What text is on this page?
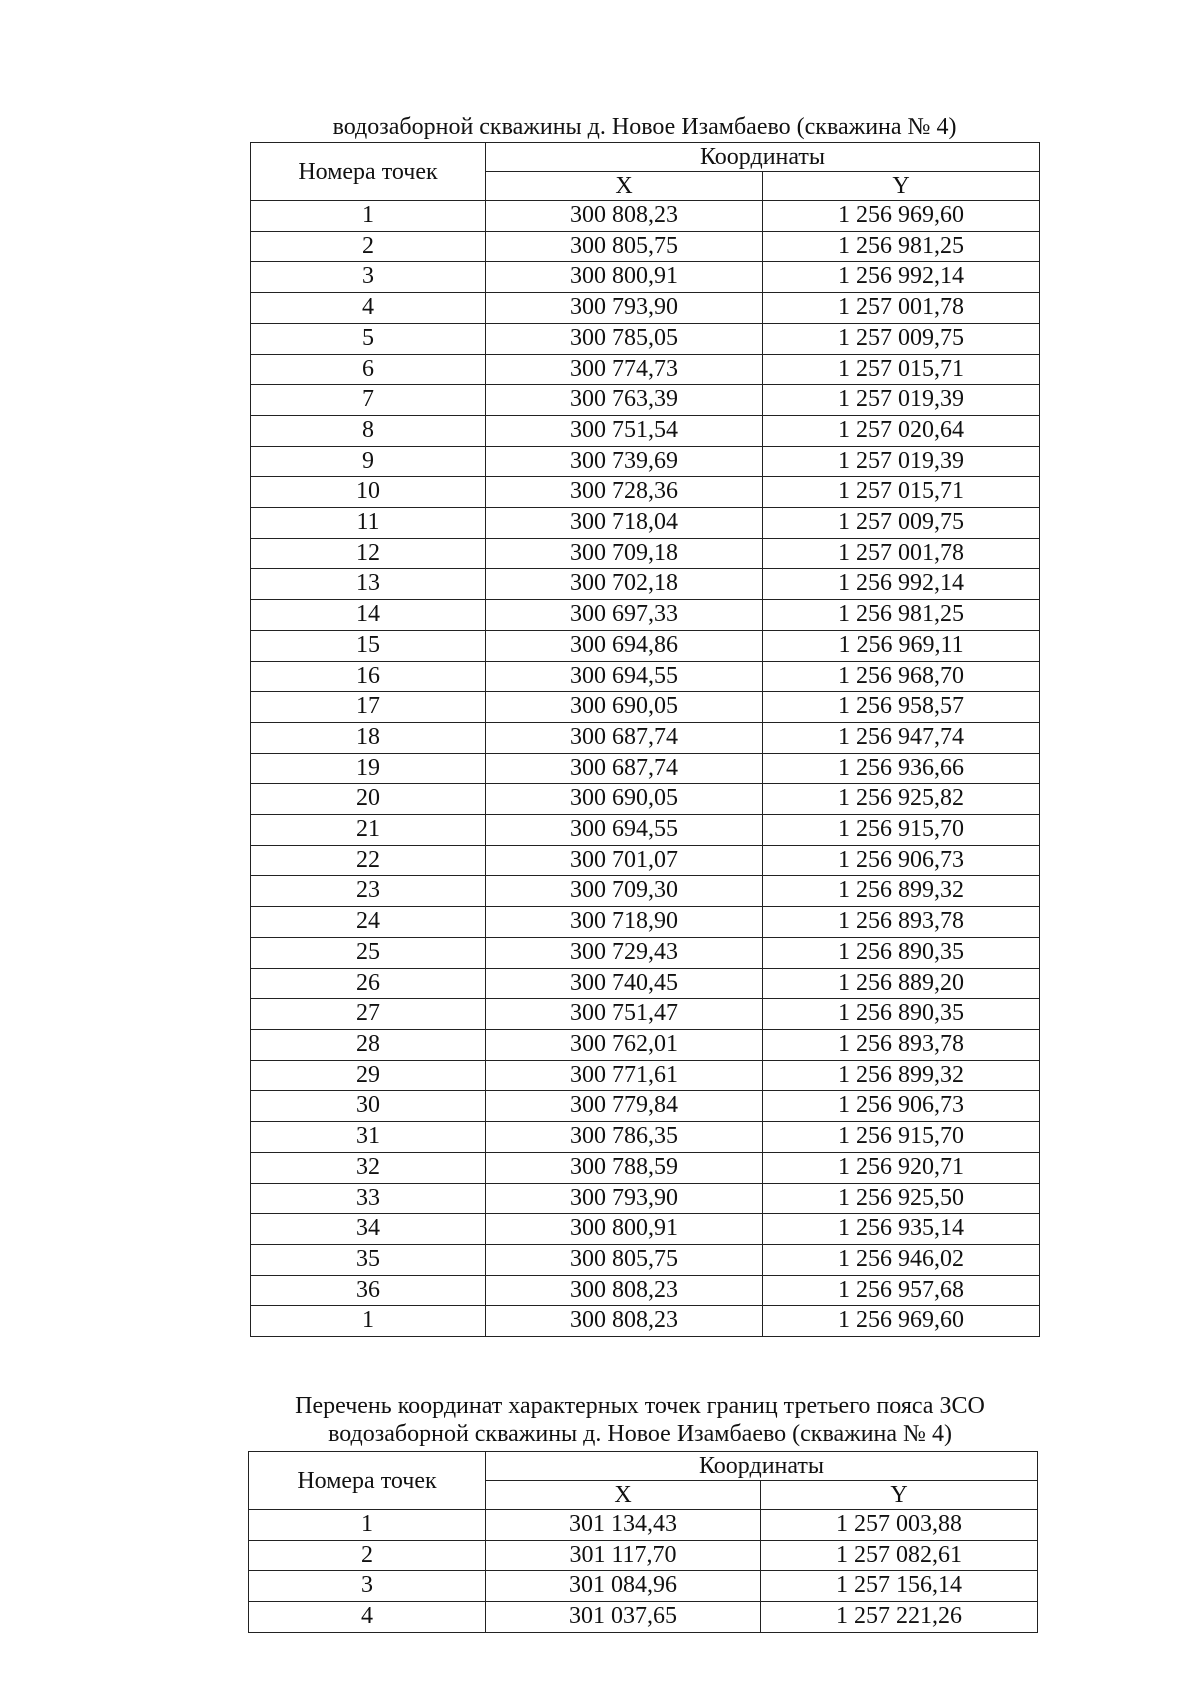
водозаборной скважины д. Новое Изамбаево (скважина № 4)
Номера точек	Координаты	
	X	Y
1	300 808,23	1 256 969,60
2	300 805,75	1 256 981,25
3	300 800,91	1 256 992,14
4	300 793,90	1 257 001,78
5	300 785,05	1 257 009,75
6	300 774,73	1 257 015,71
7	300 763,39	1 257 019,39
8	300 751,54	1 257 020,64
9	300 739,69	1 257 019,39
10	300 728,36	1 257 015,71
11	300 718,04	1 257 009,75
12	300 709,18	1 257 001,78
13	300 702,18	1 256 992,14
14	300 697,33	1 256 981,25
15	300 694,86	1 256 969,11
16	300 694,55	1 256 968,70
17	300 690,05	1 256 958,57
18	300 687,74	1 256 947,74
19	300 687,74	1 256 936,66
20	300 690,05	1 256 925,82
21	300 694,55	1 256 915,70
22	300 701,07	1 256 906,73
23	300 709,30	1 256 899,32
24	300 718,90	1 256 893,78
25	300 729,43	1 256 890,35
26	300 740,45	1 256 889,20
27	300 751,47	1 256 890,35
28	300 762,01	1 256 893,78
29	300 771,61	1 256 899,32
30	300 779,84	1 256 906,73
31	300 786,35	1 256 915,70
32	300 788,59	1 256 920,71
33	300 793,90	1 256 925,50
34	300 800,91	1 256 935,14
35	300 805,75	1 256 946,02
36	300 808,23	1 256 957,68
1	300 808,23	1 256 969,60
Перечень координат характерных точек границ третьего пояса ЗСО
водозаборной скважины д. Новое Изамбаево (скважина № 4)
Номера точек	Координаты	
	X	Y
1	301 134,43	1 257 003,88
2	301 117,70	1 257 082,61
3	301 084,96	1 257 156,14
4	301 037,65	1 257 221,26
